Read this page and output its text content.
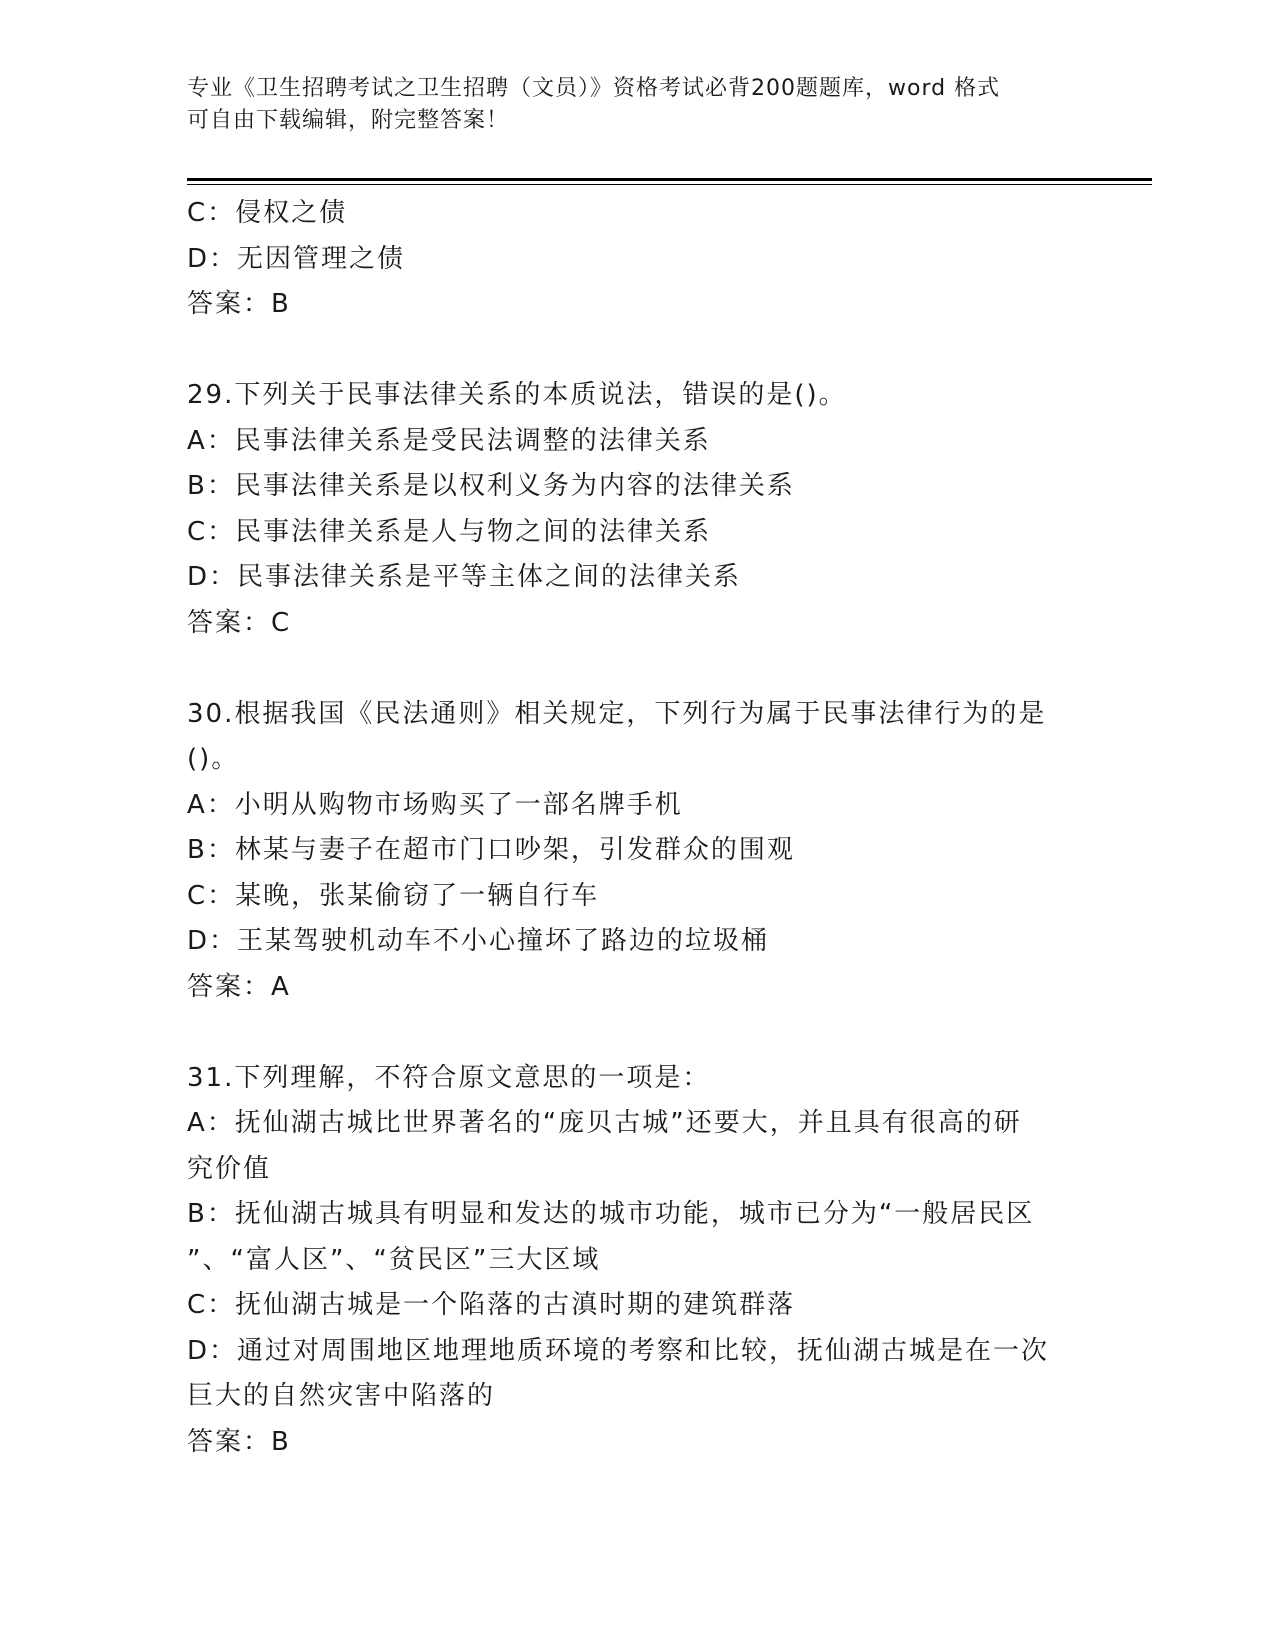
专业《卫生招聘考试之卫生招聘（文员）》资格考试必背200题题库，word 格式
可自由下载编辑，附完整答案！
C：侵权之债
D：无因管理之债
答案：B
29.下列关于民事法律关系的本质说法，错误的是()。
A：民事法律关系是受民法调整的法律关系
B：民事法律关系是以权利义务为内容的法律关系
C：民事法律关系是人与物之间的法律关系
D：民事法律关系是平等主体之间的法律关系
答案：C
30.根据我国《民法通则》相关规定，下列行为属于民事法律行为的是
()。
A：小明从购物市场购买了一部名牌手机
B：林某与妻子在超市门口吵架，引发群众的围观
C：某晚，张某偷窃了一辆自行车
D：王某驾驶机动车不小心撞坏了路边的垃圾桶
答案：A
31.下列理解，不符合原文意思的一项是：
A：抚仙湖古城比世界著名的“庞贝古城”还要大，并且具有很高的研
究价值
B：抚仙湖古城具有明显和发达的城市功能，城市已分为“一般居民区
”、“富人区”、“贫民区”三大区域
C：抚仙湖古城是一个陷落的古滇时期的建筑群落
D：通过对周围地区地理地质环境的考察和比较，抚仙湖古城是在一次
巨大的自然灾害中陷落的
答案：B
